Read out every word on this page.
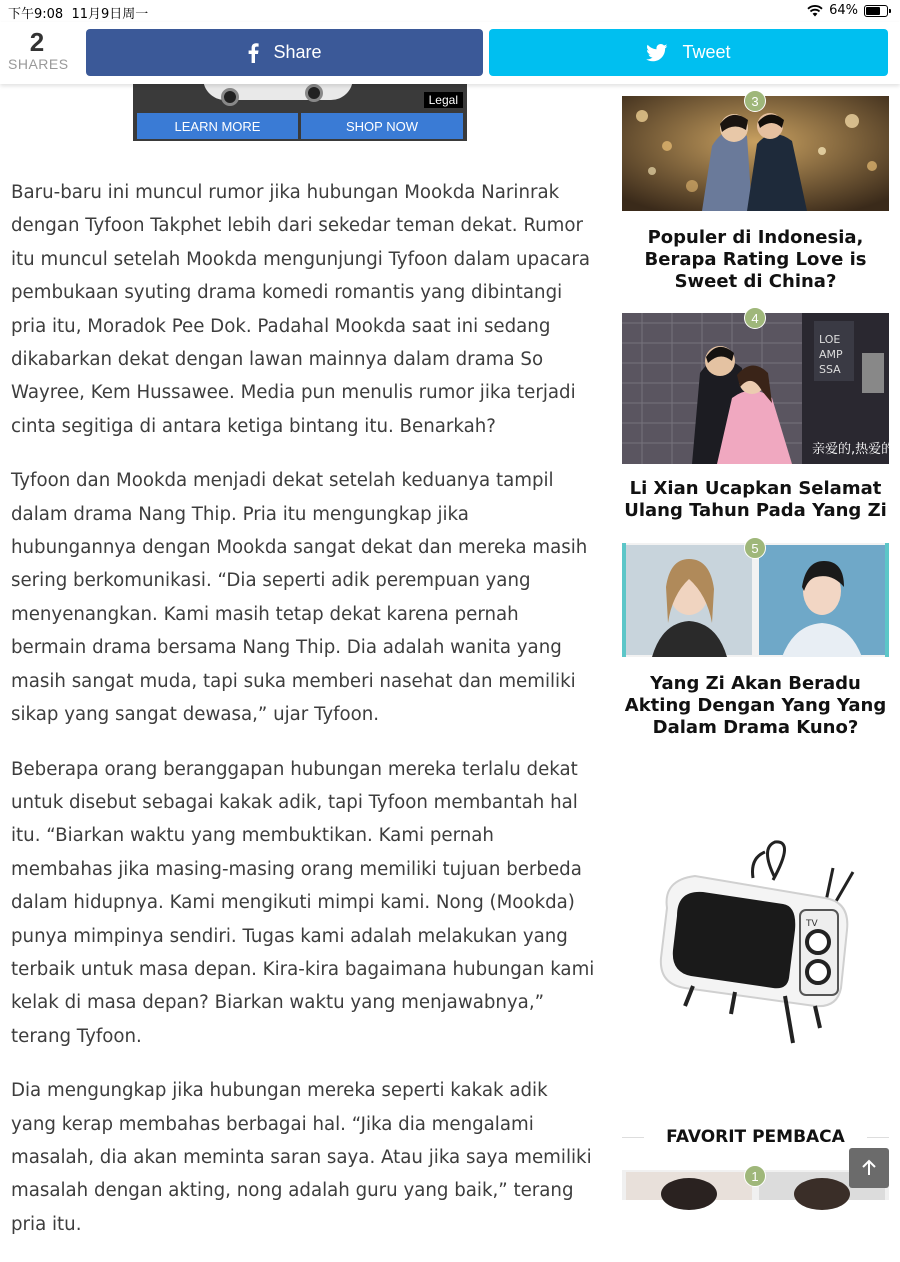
下午9:08 11月9日周一	64%
2
SHARES
Share	Tweet
Legal
LEARN MORE	SHOP NOW

Baru-baru ini muncul rumor jika hubungan Mookda Narinrak dengan Tyfoon Takphet lebih dari sekedar teman dekat. Rumor itu muncul setelah Mookda mengunjungi Tyfoon dalam upacara pembukaan syuting drama komedi romantis yang dibintangi pria itu, Moradok Pee Dok. Padahal Mookda saat ini sedang dikabarkan dekat dengan lawan mainnya dalam drama So Wayree, Kem Hussawee. Media pun menulis rumor jika terjadi cinta segitiga di antara ketiga bintang itu. Benarkah?

Tyfoon dan Mookda menjadi dekat setelah keduanya tampil dalam drama Nang Thip. Pria itu mengungkap jika hubungannya dengan Mookda sangat dekat dan mereka masih sering berkomunikasi. “Dia seperti adik perempuan yang menyenangkan. Kami masih tetap dekat karena pernah bermain drama bersama Nang Thip. Dia adalah wanita yang masih sangat muda, tapi suka memberi nasehat dan memiliki sikap yang sangat dewasa,” ujar Tyfoon.

Beberapa orang beranggapan hubungan mereka terlalu dekat untuk disebut sebagai kakak adik, tapi Tyfoon membantah hal itu. “Biarkan waktu yang membuktikan. Kami pernah membahas jika masing-masing orang memiliki tujuan berbeda dalam hidupnya. Kami mengikuti mimpi kami. Nong (Mookda) punya mimpinya sendiri. Tugas kami adalah melakukan yang terbaik untuk masa depan. Kira-kira bagaimana hubungan kami kelak di masa depan? Biarkan waktu yang menjawabnya,” terang Tyfoon.

Dia mengungkap jika hubungan mereka seperti kakak adik yang kerap membahas berbagai hal. “Jika dia mengalami masalah, dia akan meminta saran saya. Atau jika saya memiliki masalah dengan akting, nong adalah guru yang baik,” terang pria itu.

3
Populer di Indonesia, Berapa Rating Love is Sweet di China?
LOE
AMP
SSA
亲爱的,热爱的
4
Li Xian Ucapkan Selamat Ulang Tahun Pada Yang Zi
5
Yang Zi Akan Beradu Akting Dengan Yang Yang Dalam Drama Kuno?
TV
FAVORIT PEMBACA
1
